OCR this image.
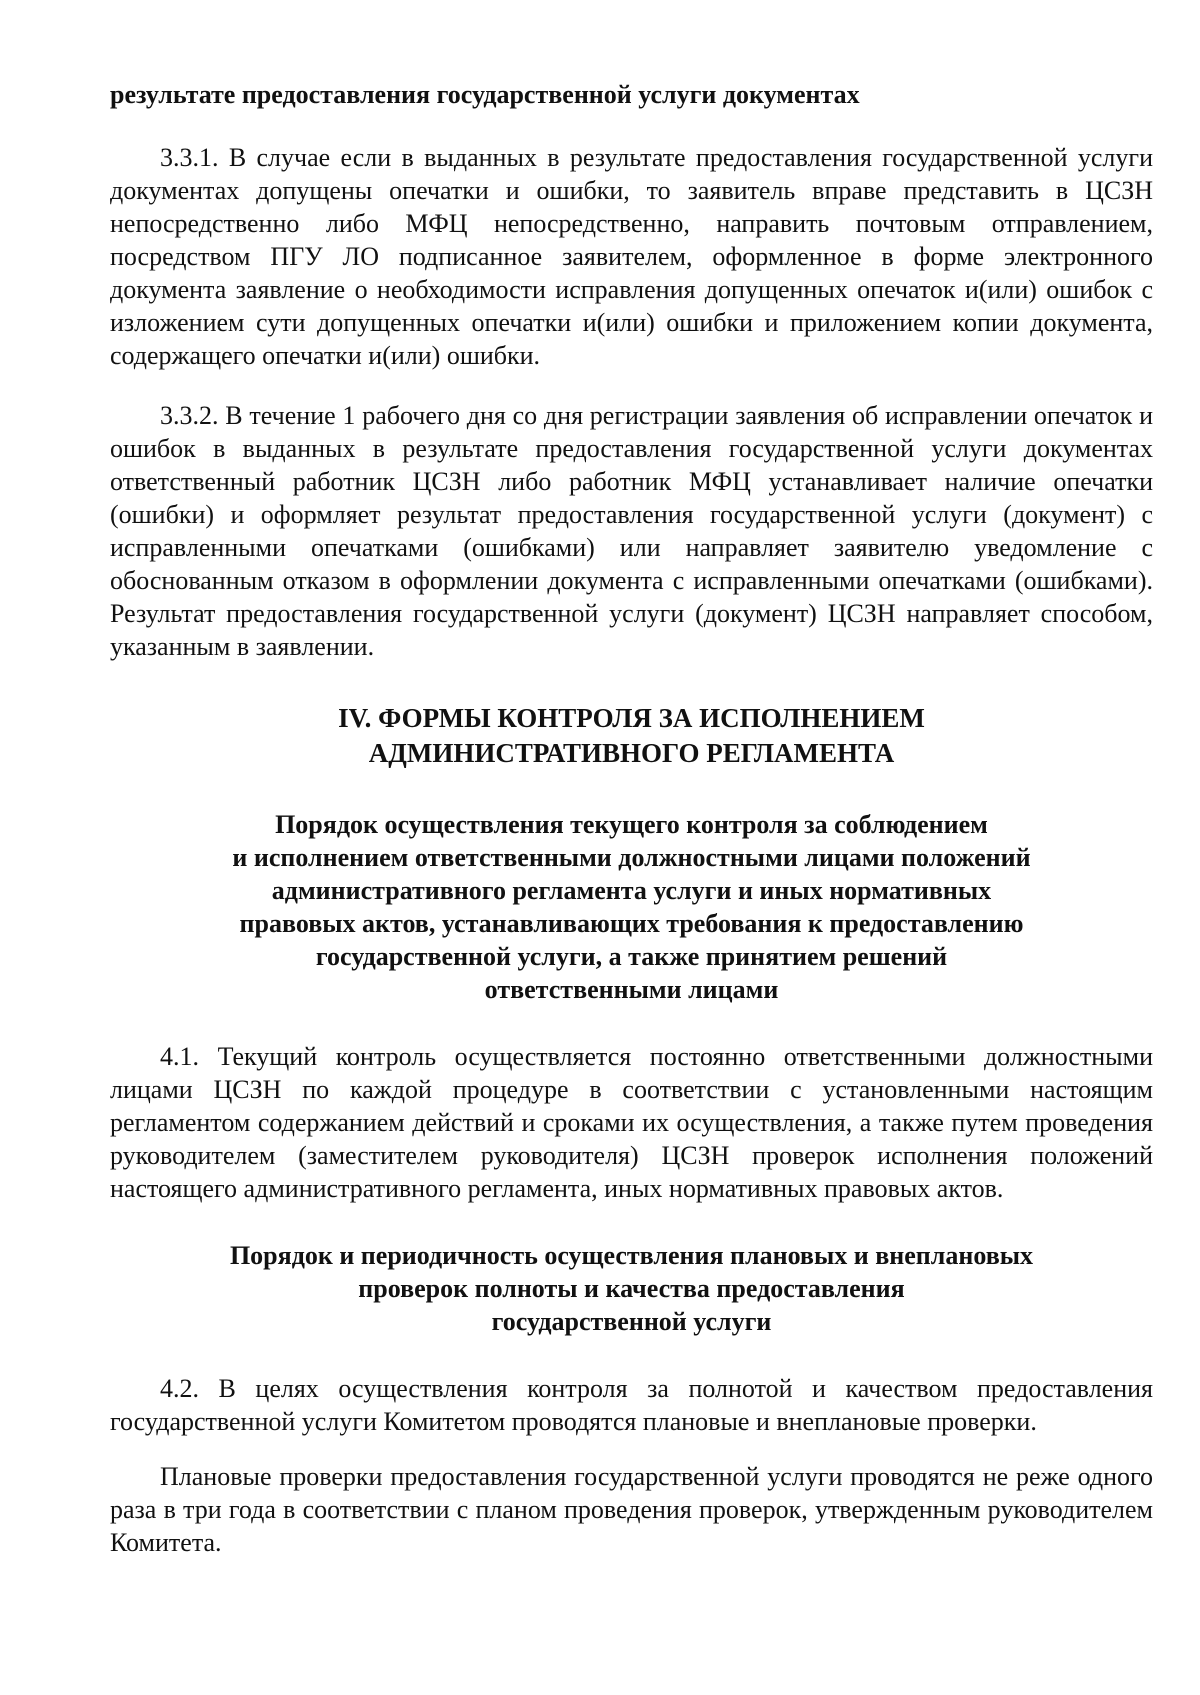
результате предоставления государственной услуги документах

3.3.1. В случае если в выданных в результате предоставления государственной услуги документах допущены опечатки и ошибки, то заявитель вправе представить в ЦСЗН непосредственно либо МФЦ непосредственно, направить почтовым отправлением, посредством ПГУ ЛО подписанное заявителем, оформленное в форме электронного документа заявление о необходимости исправления допущенных опечаток и(или) ошибок с изложением сути допущенных опечатки и(или) ошибки и приложением копии документа, содержащего опечатки и(или) ошибки.

3.3.2. В течение 1 рабочего дня со дня регистрации заявления об исправлении опечаток и ошибок в выданных в результате предоставления государственной услуги документах ответственный работник ЦСЗН либо работник МФЦ устанавливает наличие опечатки (ошибки) и оформляет результат предоставления государственной услуги (документ) с исправленными опечатками (ошибками) или направляет заявителю уведомление с обоснованным отказом в оформлении документа с исправленными опечатками (ошибками). Результат предоставления государственной услуги (документ) ЦСЗН направляет способом, указанным в заявлении.

IV. ФОРМЫ КОНТРОЛЯ ЗА ИСПОЛНЕНИЕМ
АДМИНИСТРАТИВНОГО РЕГЛАМЕНТА
Порядок осуществления текущего контроля за соблюдением
и исполнением ответственными должностными лицами положений
административного регламента услуги и иных нормативных
правовых актов, устанавливающих требования к предоставлению
государственной услуги, а также принятием решений
ответственными лицами

4.1. Текущий контроль осуществляется постоянно ответственными должностными лицами ЦСЗН по каждой процедуре в соответствии с установленными настоящим регламентом содержанием действий и сроками их осуществления, а также путем проведения руководителем (заместителем руководителя) ЦСЗН проверок исполнения положений настоящего административного регламента, иных нормативных правовых актов.

Порядок и периодичность осуществления плановых и внеплановых
проверок полноты и качества предоставления
государственной услуги

4.2. В целях осуществления контроля за полнотой и качеством предоставления государственной услуги Комитетом проводятся плановые и внеплановые проверки.

Плановые проверки предоставления государственной услуги проводятся не реже одного раза в три года в соответствии с планом проведения проверок, утвержденным руководителем Комитета.
